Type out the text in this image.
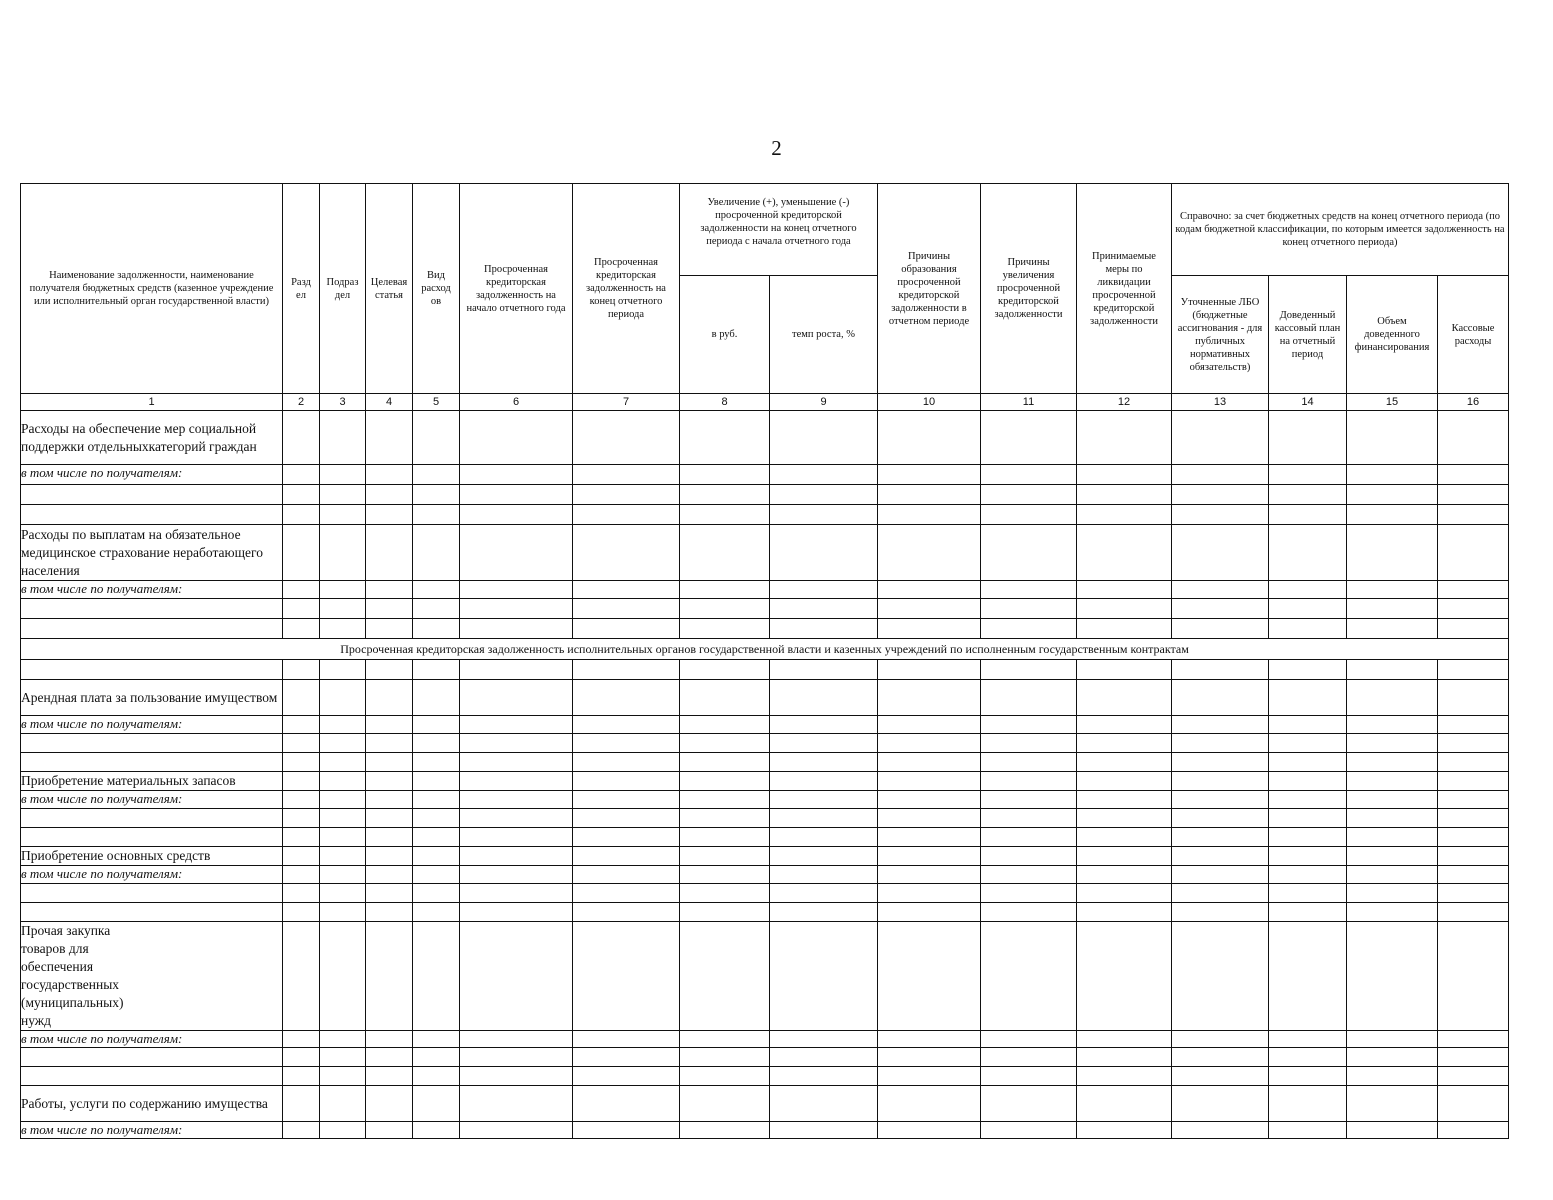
2
Наименование задолженности, наименование получателя бюджетных средств (казенное учреждение или исполнительный орган государственной власти)	Разд ел	Подраз дел	Целевая статья	Вид расход ов	Просроченная кредиторская задолженность на начало отчетного года	Просроченная кредиторская задолженность на конец отчетного периода	Увеличение (+), уменьшение (-) просроченной кредиторской задолженности на конец отчетного периода с начала отчетного года		Причины образования просроченной кредиторской задолженности в отчетном периоде	Причины увеличения просроченной кредиторской задолженности	Принимаемые меры по ликвидации просроченной кредиторской задолженности	Справочно: за счет бюджетных средств на конец отчетного периода (по кодам бюджетной классификации, по которым имеется задолженность на конец отчетного периода)			
							в руб.	темп роста, %				Уточненные ЛБО (бюджетные ассигнования - для публичных нормативных обязательств)	Доведенный кассовый план на отчетный период	Объем доведенного финансирования	Кассовые расходы
1	2	3	4	5	6	7	8	9	10	11	12	13	14	15	16
Расходы на обеспечение мер социальной поддержки отдельныхкатегорий граждан															
в том числе по получателям:															

Расходы по выплатам на обязательное медицинское страхование неработающего населения															
в том числе по получателям:															

Просроченная кредиторская задолженность исполнительных органов государственной власти и казенных учреждений по исполненным государственным контрактам															

Арендная плата за пользование имуществом															
в том числе по получателям:															

Приобретение материальных запасов															
в том числе по получателям:															

Приобретение основных средств															
в том числе по получателям:															

Прочая закупка товаров для обеспечения государственных (муниципальных) нужд															
в том числе по получателям:															

Работы, услуги по содержанию имущества															
в том числе по получателям:															
